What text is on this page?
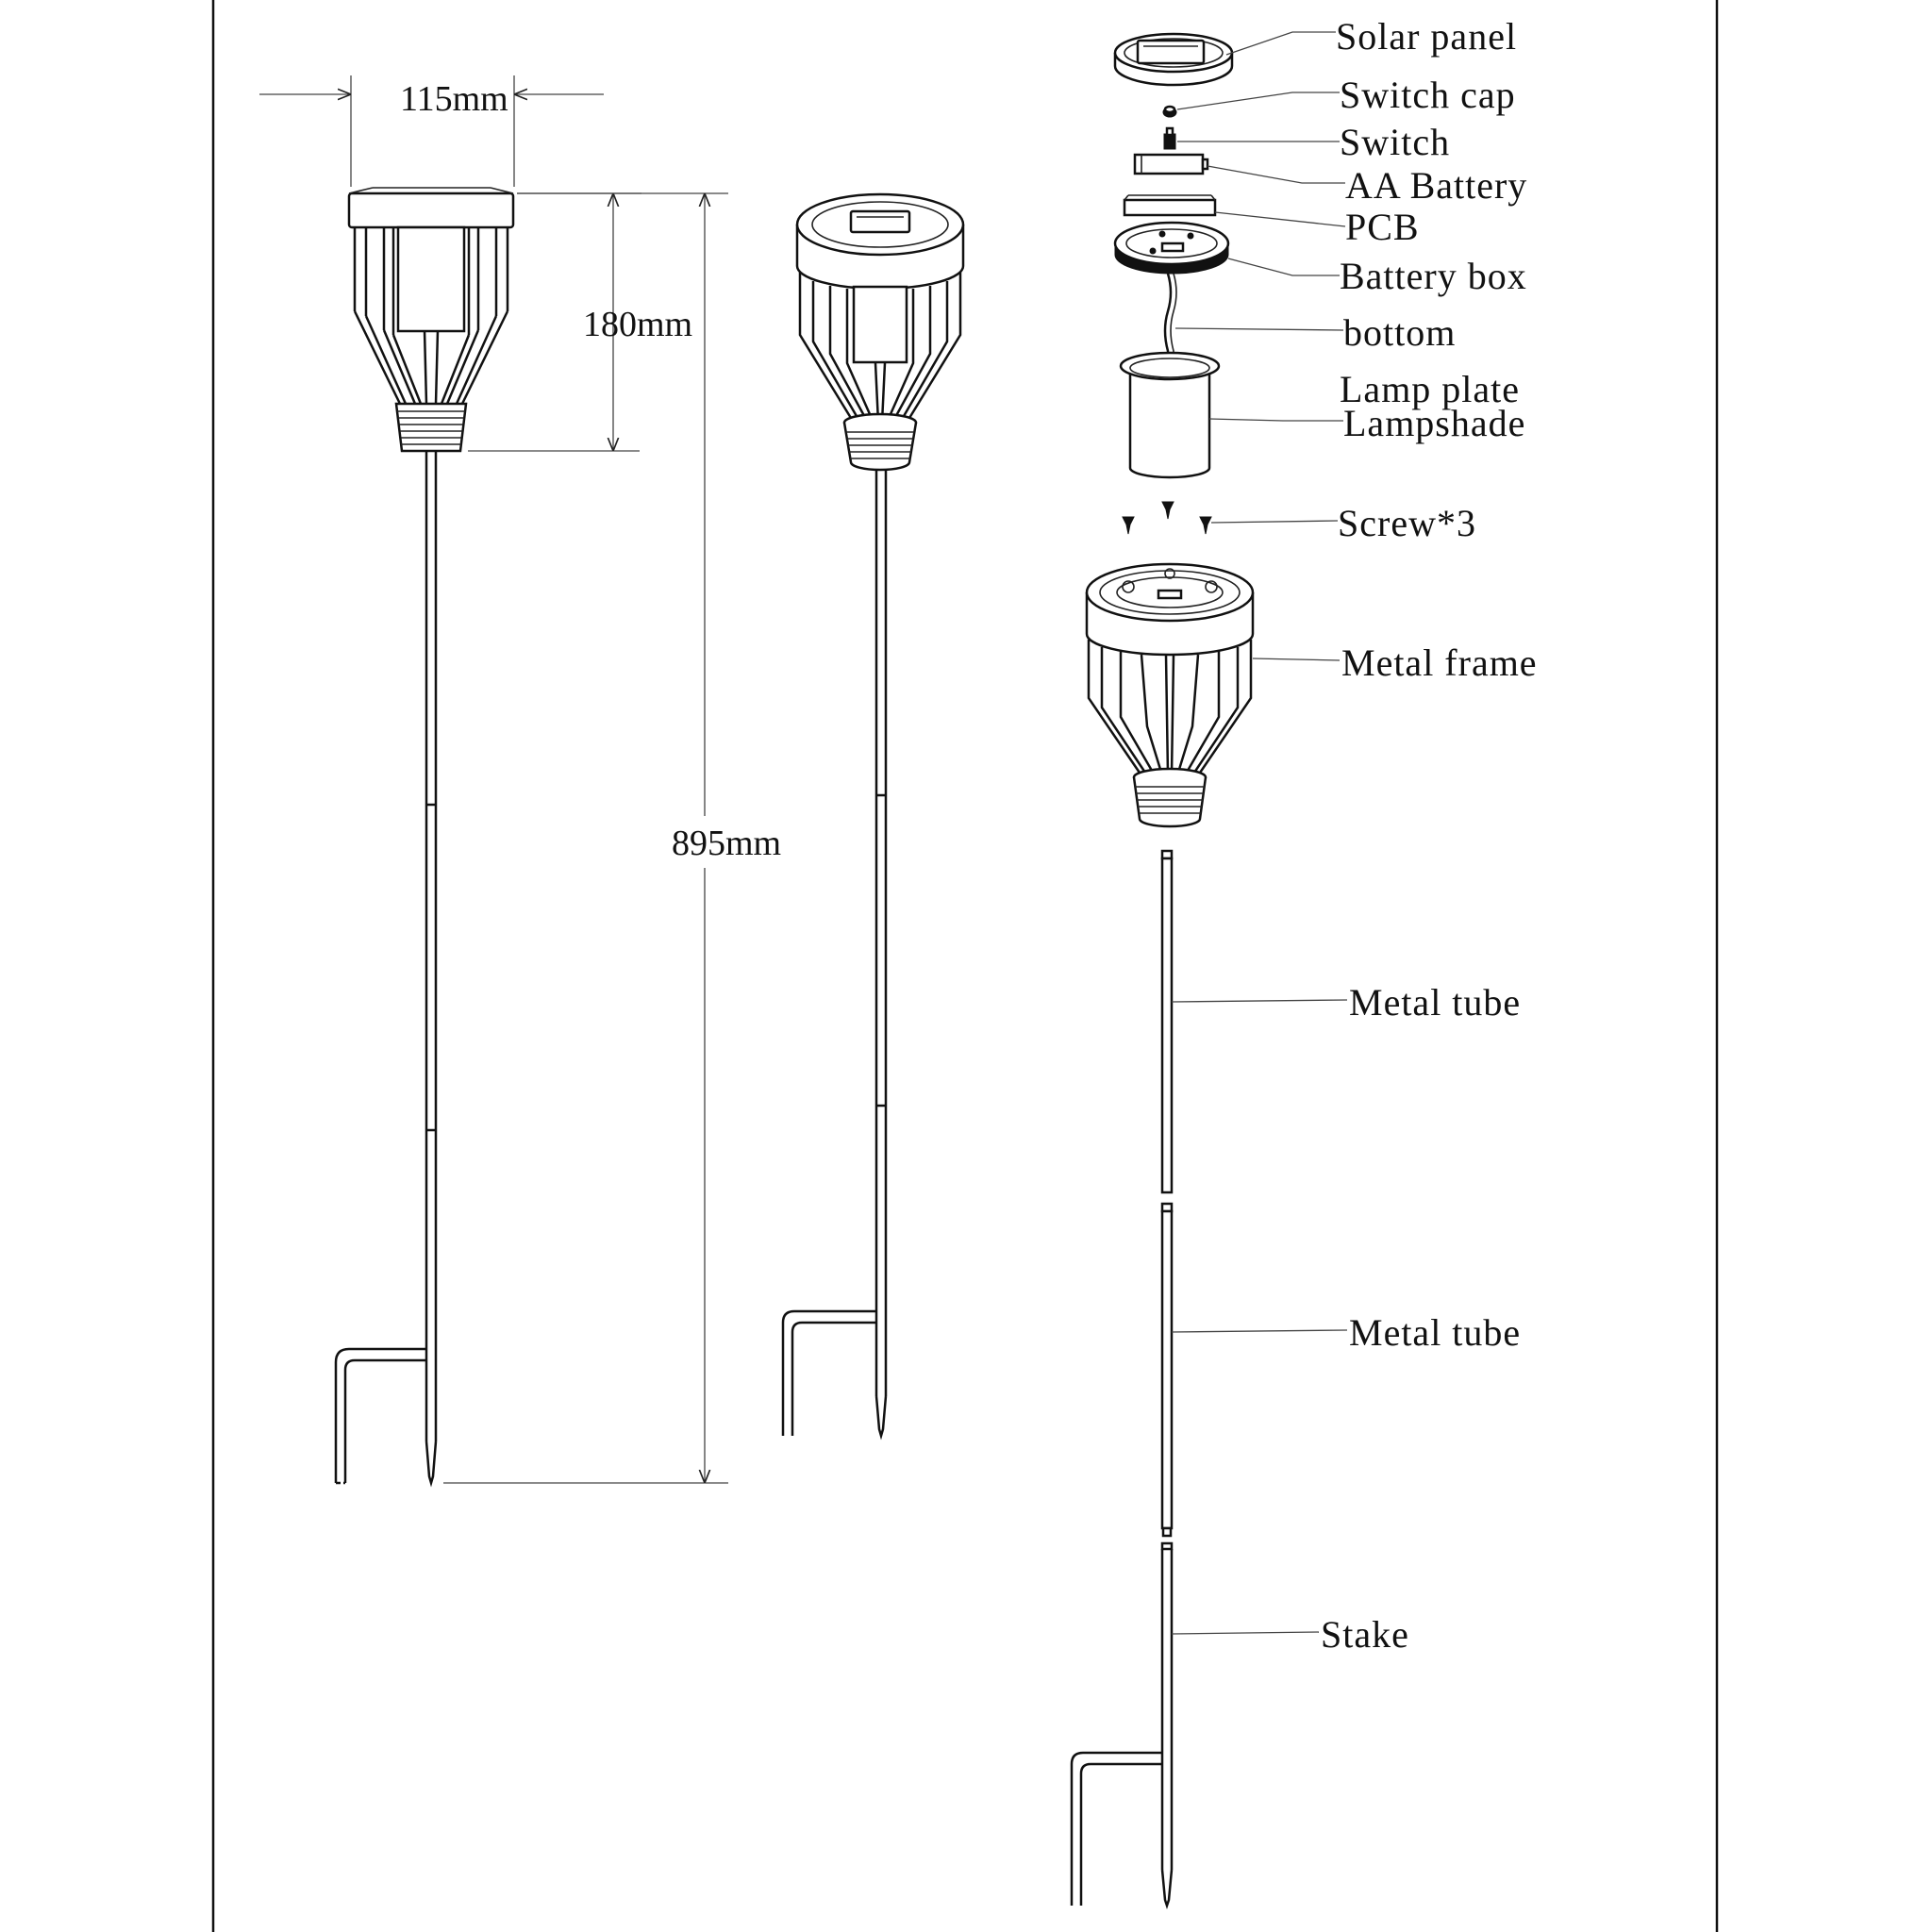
115mm
180mm
895mm
Solar panel
Switch cap
Switch
AA Battery
PCB
Battery box
bottom
Lamp plate
Lampshade
Screw*3
Metal frame
Metal tube
Metal tube
Stake
